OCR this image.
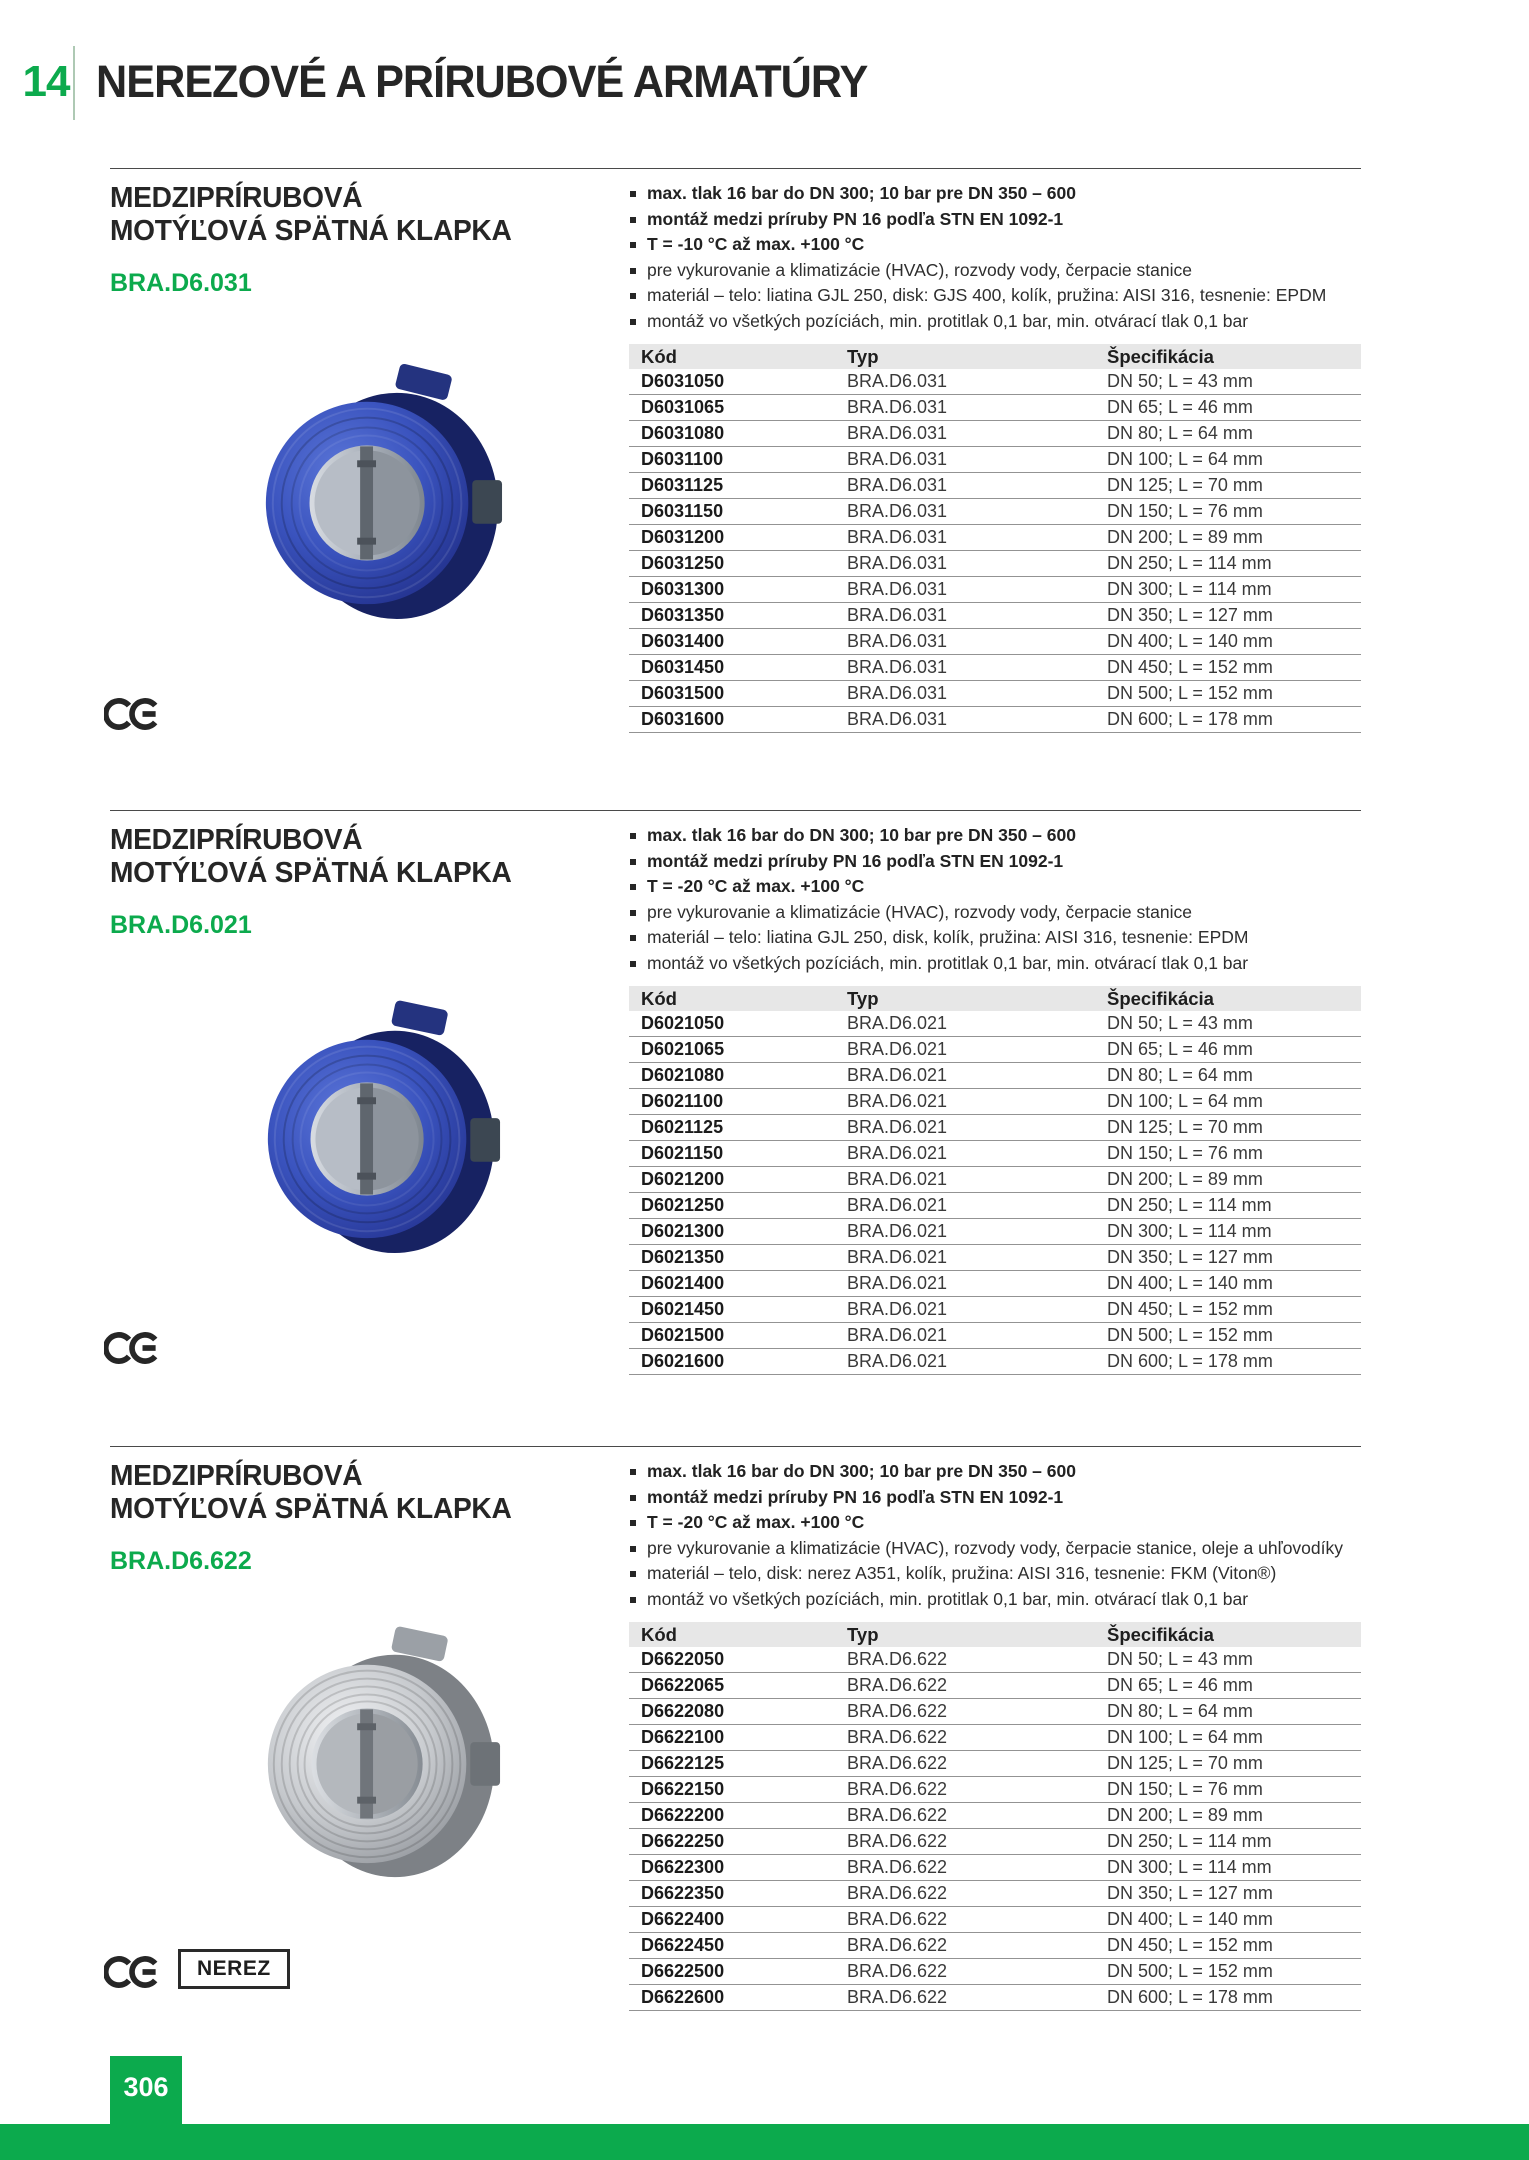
14 NEREZOVÉ A PRÍRUBOVÉ ARMATÚRY
MEDZIPRÍRUBOVÁ
MOTÝĽOVÁ SPÄTNÁ KLAPKA
BRA.D6.031
max. tlak 16 bar do DN 300; 10 bar pre DN 350 – 600
montáž medzi príruby PN 16 podľa STN EN 1092-1
T = -10 °C až max. +100 °C
pre vykurovanie a klimatizácie (HVAC), rozvody vody, čerpacie stanice
materiál – telo: liatina GJL 250, disk: GJS 400, kolík, pružina: AISI 316, tesnenie: EPDM
montáž vo všetkých pozíciách, min. protitlak 0,1 bar, min. otvárací tlak 0,1 bar
Kód	Typ	Špecifikácia
D6031050	BRA.D6.031	DN 50; L = 43 mm
D6031065	BRA.D6.031	DN 65; L = 46 mm
D6031080	BRA.D6.031	DN 80; L = 64 mm
D6031100	BRA.D6.031	DN 100; L = 64 mm
D6031125	BRA.D6.031	DN 125; L = 70 mm
D6031150	BRA.D6.031	DN 150; L = 76 mm
D6031200	BRA.D6.031	DN 200; L = 89 mm
D6031250	BRA.D6.031	DN 250; L = 114 mm
D6031300	BRA.D6.031	DN 300; L = 114 mm
D6031350	BRA.D6.031	DN 350; L = 127 mm
D6031400	BRA.D6.031	DN 400; L = 140 mm
D6031450	BRA.D6.031	DN 450; L = 152 mm
D6031500	BRA.D6.031	DN 500; L = 152 mm
D6031600	BRA.D6.031	DN 600; L = 178 mm
MEDZIPRÍRUBOVÁ
MOTÝĽOVÁ SPÄTNÁ KLAPKA
BRA.D6.021
max. tlak 16 bar do DN 300; 10 bar pre DN 350 – 600
montáž medzi príruby PN 16 podľa STN EN 1092-1
T = -20 °C až max. +100 °C
pre vykurovanie a klimatizácie (HVAC), rozvody vody, čerpacie stanice
materiál – telo: liatina GJL 250, disk, kolík, pružina: AISI 316, tesnenie: EPDM
montáž vo všetkých pozíciách, min. protitlak 0,1 bar, min. otvárací tlak 0,1 bar
Kód	Typ	Špecifikácia
D6021050	BRA.D6.021	DN 50; L = 43 mm
D6021065	BRA.D6.021	DN 65; L = 46 mm
D6021080	BRA.D6.021	DN 80; L = 64 mm
D6021100	BRA.D6.021	DN 100; L = 64 mm
D6021125	BRA.D6.021	DN 125; L = 70 mm
D6021150	BRA.D6.021	DN 150; L = 76 mm
D6021200	BRA.D6.021	DN 200; L = 89 mm
D6021250	BRA.D6.021	DN 250; L = 114 mm
D6021300	BRA.D6.021	DN 300; L = 114 mm
D6021350	BRA.D6.021	DN 350; L = 127 mm
D6021400	BRA.D6.021	DN 400; L = 140 mm
D6021450	BRA.D6.021	DN 450; L = 152 mm
D6021500	BRA.D6.021	DN 500; L = 152 mm
D6021600	BRA.D6.021	DN 600; L = 178 mm
MEDZIPRÍRUBOVÁ
MOTÝĽOVÁ SPÄTNÁ KLAPKA
BRA.D6.622
max. tlak 16 bar do DN 300; 10 bar pre DN 350 – 600
montáž medzi príruby PN 16 podľa STN EN 1092-1
T = -20 °C až max. +100 °C
pre vykurovanie a klimatizácie (HVAC), rozvody vody, čerpacie stanice, oleje a uhľovodíky
materiál – telo, disk: nerez A351, kolík, pružina: AISI 316, tesnenie: FKM (Viton®)
montáž vo všetkých pozíciách, min. protitlak 0,1 bar, min. otvárací tlak 0,1 bar
Kód	Typ	Špecifikácia
D6622050	BRA.D6.622	DN 50; L = 43 mm
D6622065	BRA.D6.622	DN 65; L = 46 mm
D6622080	BRA.D6.622	DN 80; L = 64 mm
D6622100	BRA.D6.622	DN 100; L = 64 mm
D6622125	BRA.D6.622	DN 125; L = 70 mm
D6622150	BRA.D6.622	DN 150; L = 76 mm
D6622200	BRA.D6.622	DN 200; L = 89 mm
D6622250	BRA.D6.622	DN 250; L = 114 mm
D6622300	BRA.D6.622	DN 300; L = 114 mm
D6622350	BRA.D6.622	DN 350; L = 127 mm
D6622400	BRA.D6.622	DN 400; L = 140 mm
D6622450	BRA.D6.622	DN 450; L = 152 mm
D6622500	BRA.D6.622	DN 500; L = 152 mm
D6622600	BRA.D6.622	DN 600; L = 178 mm
NEREZ
306
